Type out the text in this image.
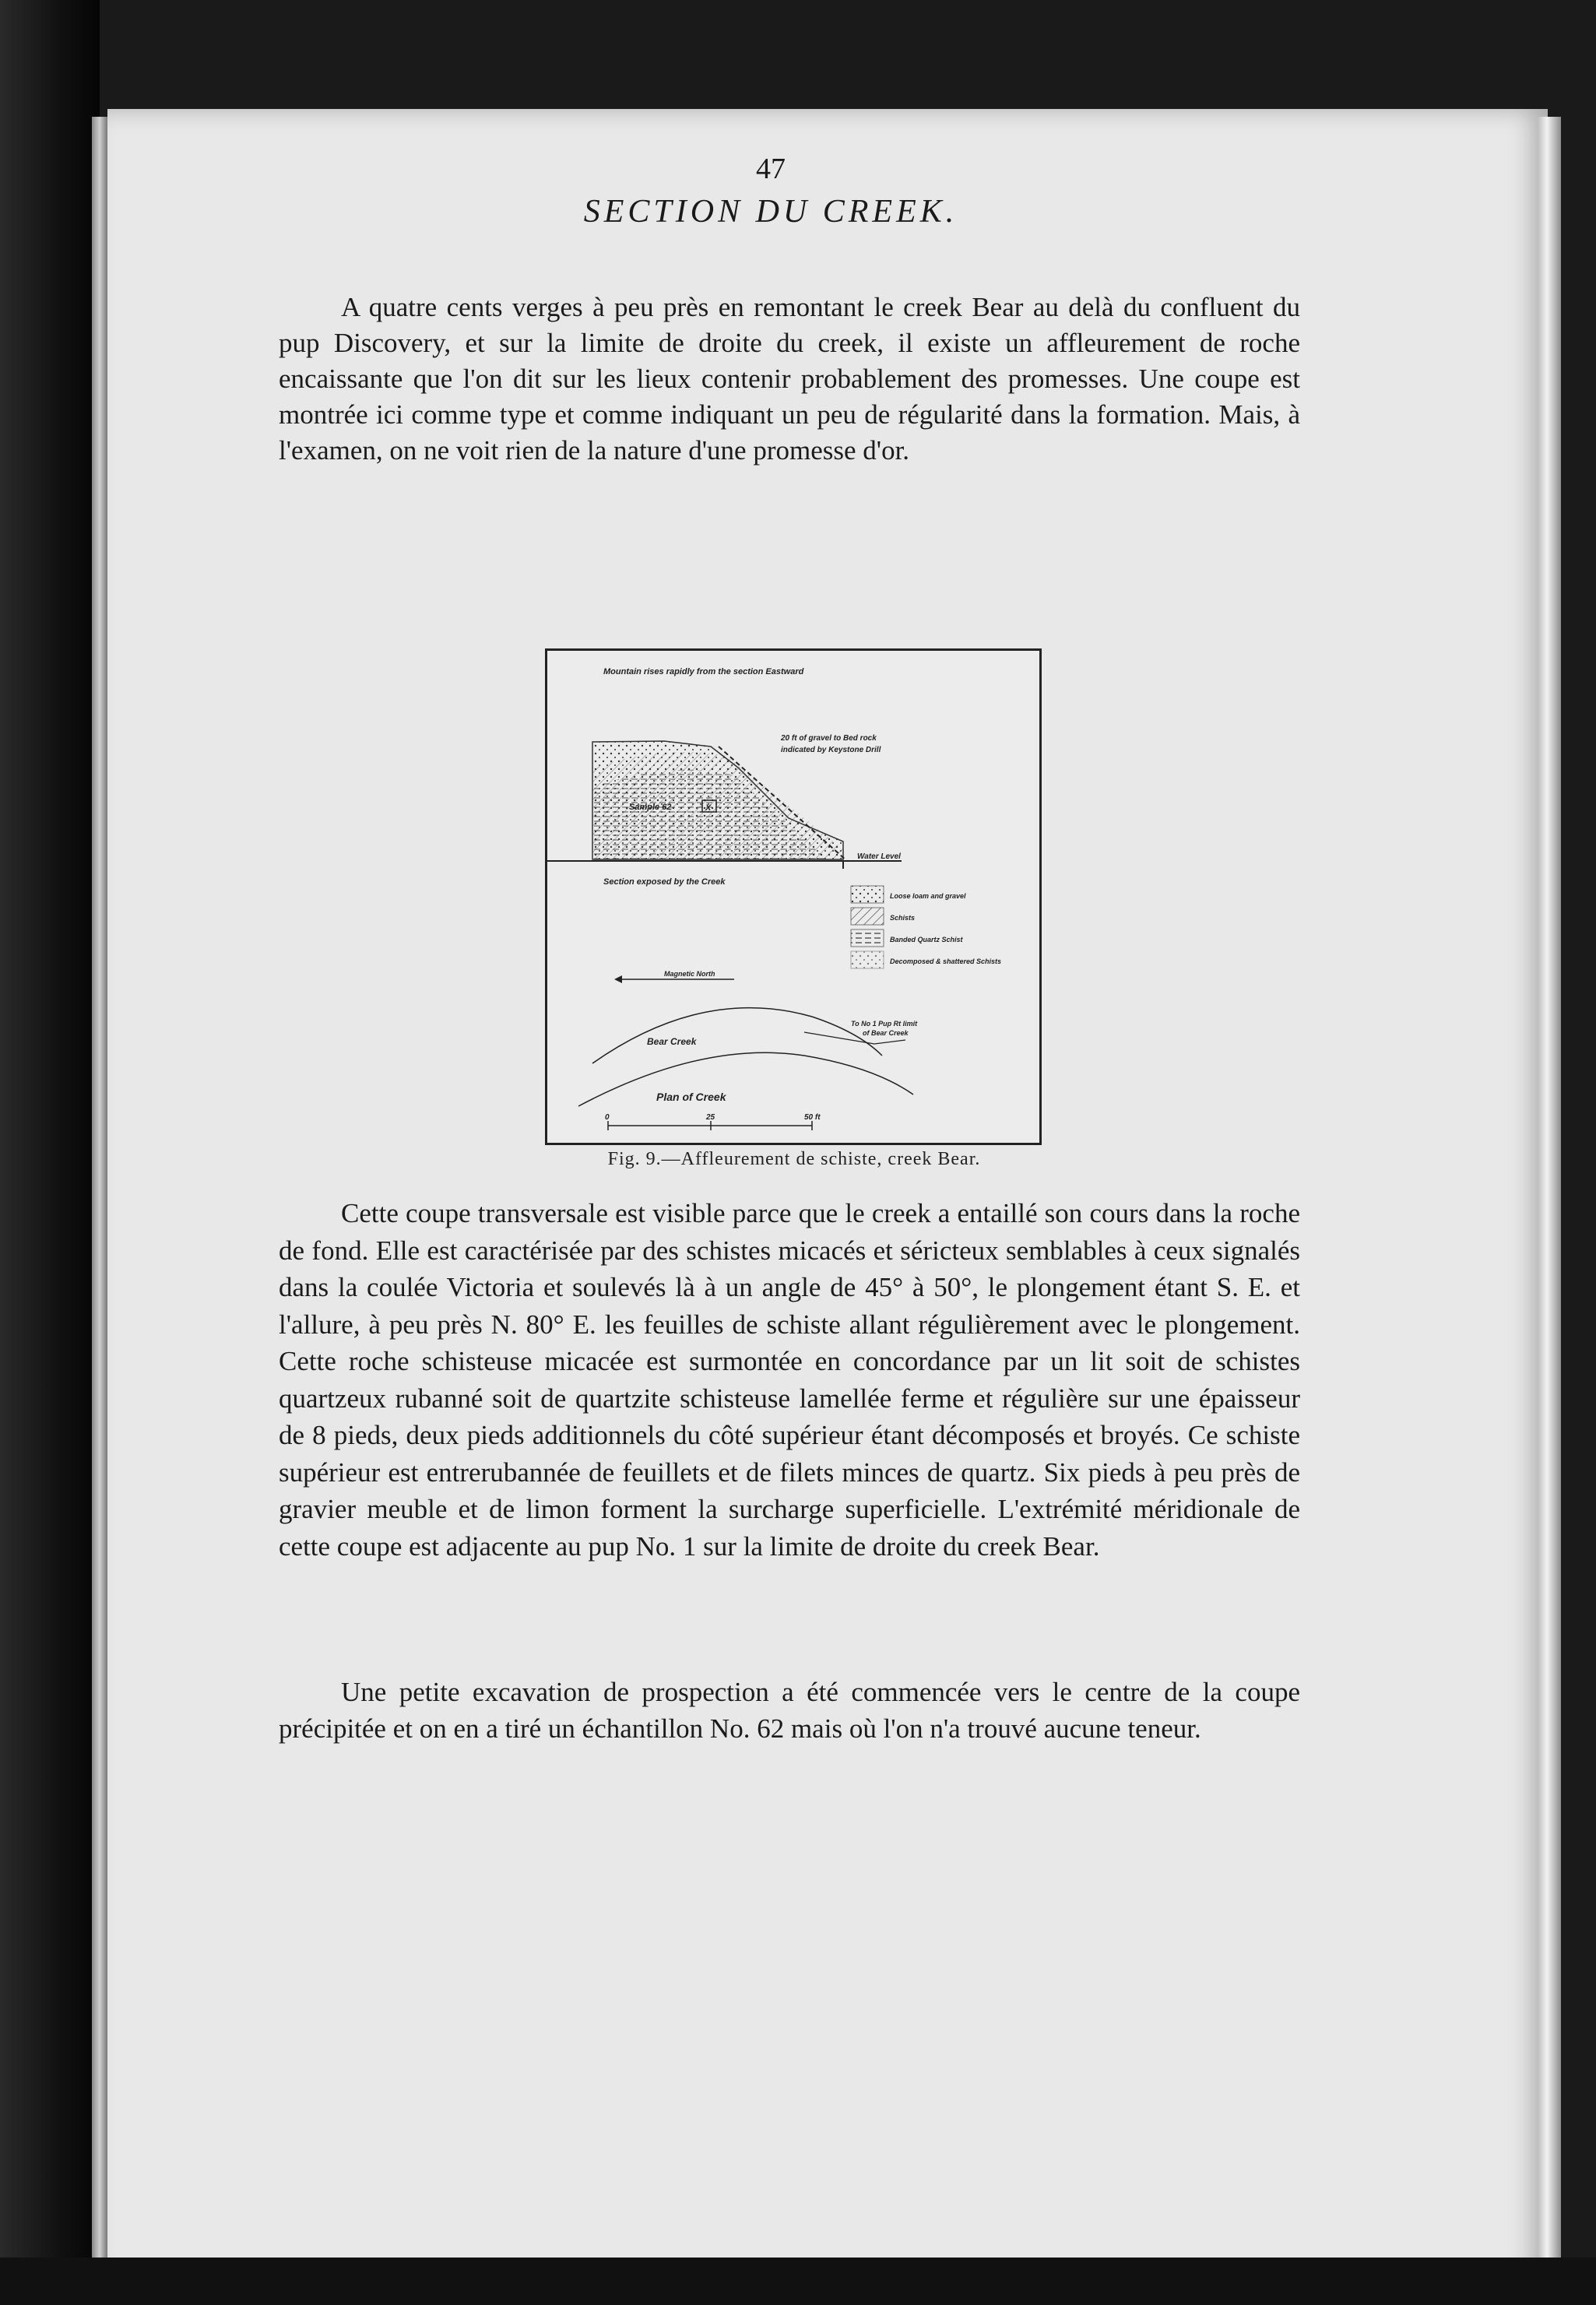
47
SECTION DU CREEK.

A quatre cents verges à peu près en remontant le creek Bear au delà du confluent du pup Discovery, et sur la limite de droite du creek, il existe un affleurement de roche encaissante que l'on dit sur les lieux contenir probablement des promesses. Une coupe est montrée ici comme type et comme indiquant un peu de régularité dans la formation. Mais, à l'examen, on ne voit rien de la nature d'une promesse d'or.

Mountain rises rapidly from the section Eastward
20 ft of gravel to Bed rock
indicated by Keystone Drill
Sample 62	X
Water Level
Section exposed by the Creek
Loose loam and gravel
Schists
Banded Quartz Schist
Decomposed & shattered Schists
Magnetic North
Bear Creek
To No 1 Pup Rt limit
of Bear Creek
Plan of Creek
0	25	50 ft
Fig. 9.—Affleurement de schiste, creek Bear.

Cette coupe transversale est visible parce que le creek a entaillé son cours dans la roche de fond. Elle est caractérisée par des schistes micacés et séricteux semblables à ceux signalés dans la coulée Victoria et soulevés là à un angle de 45° à 50°, le plongement étant S. E. et l'allure, à peu près N. 80° E. les feuilles de schiste allant régulièrement avec le plongement. Cette roche schisteuse micacée est surmontée en concordance par un lit soit de schistes quartzeux rubanné soit de quartzite schisteuse lamellée ferme et régulière sur une épaisseur de 8 pieds, deux pieds additionnels du côté supérieur étant décomposés et broyés. Ce schiste supérieur est entrerubannée de feuillets et de filets minces de quartz. Six pieds à peu près de gravier meuble et de limon forment la surcharge superficielle. L'extrémité méridionale de cette coupe est adjacente au pup No. 1 sur la limite de droite du creek Bear.

Une petite excavation de prospection a été commencée vers le centre de la coupe précipitée et on en a tiré un échantillon No. 62 mais où l'on n'a trouvé aucune teneur.
